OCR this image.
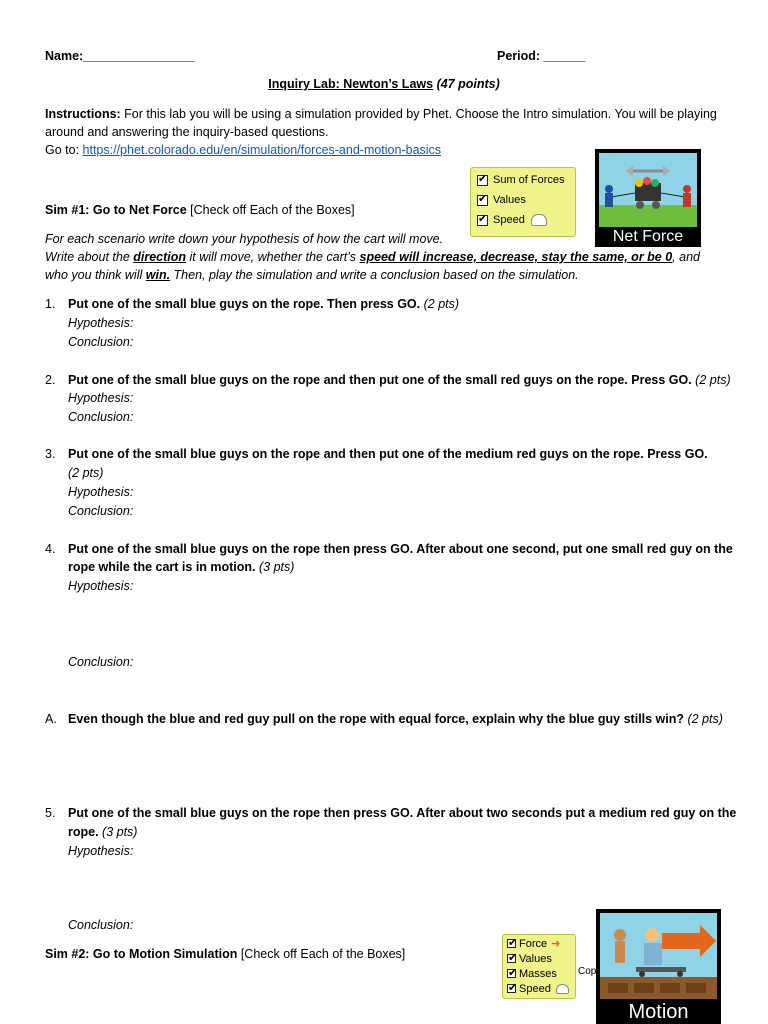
Name:________________	Period: ______
Inquiry Lab: Newton’s Laws (47 points)
Instructions: For this lab you will be using a simulation provided by Phet. Choose the Intro simulation. You will be playing
around and answering the inquiry-based questions.
Go to: https://phet.colorado.edu/en/simulation/forces-and-motion-basics
✔
Sum of Forces
✔
Values
✔
Speed
Net Force
Sim #1: Go to Net Force [Check off Each of the Boxes]
For each scenario write down your hypothesis of how the cart will move.
Write about the direction it will move, whether the cart’s speed will increase, decrease, stay the same, or be 0, and
who you think will win. Then, play the simulation and write a conclusion based on the simulation.
1.	Put one of the small blue guys on the rope. Then press GO. (2 pts)
Hypothesis:
Conclusion:
2.	Put one of the small blue guys on the rope and then put one of the small red guys on the rope. Press GO. (2 pts)
Hypothesis:
Conclusion:
3.	Put one of the small blue guys on the rope and then put one of the medium red guys on the rope. Press GO.
(2 pts)
Hypothesis:
Conclusion:
4.	Put one of the small blue guys on the rope then press GO. After about one second, put one small red guy on the
rope while the cart is in motion. (3 pts)
Hypothesis:
Conclusion:
A. Even though the blue and red guy pull on the rope with equal force, explain why the blue guy stills win? (2 pts)
5.	Put one of the small blue guys on the rope then press GO. After about two seconds put a medium red guy on the
rope. (3 pts)
Hypothesis:
Conclusion:
Sim #2: Go to Motion Simulation [Check off Each of the Boxes]
✔
Force ➜
✔
Values
✔
Masses
✔
Speed
Cop
Motion
